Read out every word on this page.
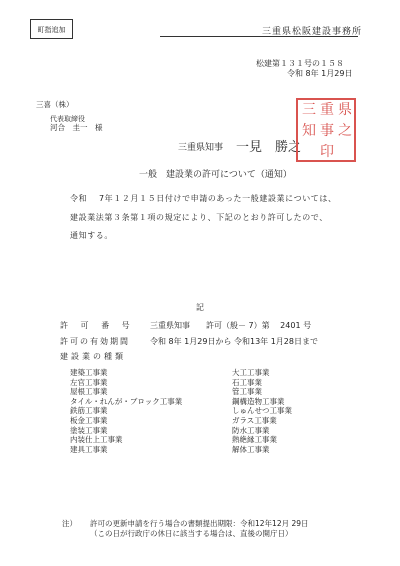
町指追加	三重県松阪建設事務所
松建第１３１号の１５８
令和 8年 1月29日
三喜（株）
代表取締役
河合　圭一　様
三重県知事 一見　勝之
三 重 県
知 事 之
印
一般　建設業の許可について（通知）
令和　 7年１２月１５日付けで申請のあった一般建設業については、
建設業法第３条第１項の規定により、下記のとおり許可したので、
通知する。
記
許 可 番 号 三重県知事　　許可（般－ 7）第　 2401 号
許可の有効期間	令和 8年 1月29日から 令和13年 1月28日まで
建設業の種類
建築工事業
左官工事業
屋根工事業
タイル・れんが・ブロック工事業
鉄筋工事業
板金工事業
塗装工事業
内装仕上工事業
建具工事業
大工工事業
石工事業
管工事業
鋼構造物工事業
しゅんせつ工事業
ガラス工事業
防水工事業
熱絶縁工事業
解体工事業
注） 許可の更新申請を行う場合の書類提出期限：令和12年12月 29日
（この日が行政庁の休日に該当する場合は、直後の開庁日）
